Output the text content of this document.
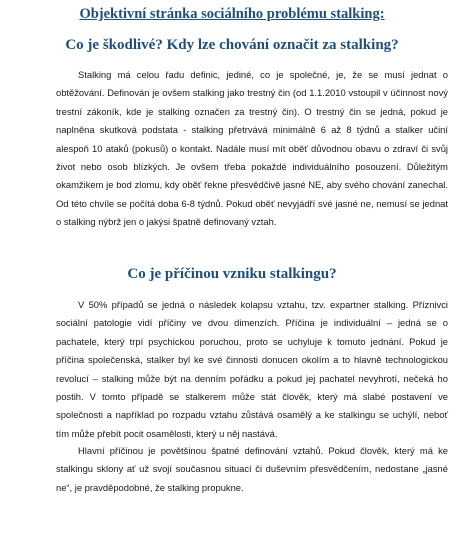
Objektivní stránka sociálního problému stalking:
Co je škodlivé? Kdy lze chování označit za stalking?

Stalking má celou řadu definic, jediné, co je společné, je, že se musí jednat o obtěžování. Definován je ovšem stalking jako trestný čin (od 1.1.2010 vstoupil v účinnost nový trestní zákoník, kde je stalking označen za trestný čin). O trestný čin se jedná, pokud je naplněna skutková podstata - stalking přetrvává minimálně 6 až 8 týdnů a stalker učiní alespoň 10 ataků (pokusů) o kontakt. Nadále musí mít oběť důvodnou obavu o zdraví či svůj život nebo osob blízkých. Je ovšem třeba pokaždé individuálního posouzení. Důležitým okamžikem je bod zlomu, kdy oběť řekne přesvědčivě jasné NE, aby svého chování zanechal. Od této chvíle se počítá doba 6-8 týdnů. Pokud oběť nevyjádří své jasné ne, nemusí se jednat o stalking nýbrž jen o jakýsi špatně definovaný vztah.

Co je příčinou vzniku stalkingu?

V 50% případů se jedná o následek kolapsu vztahu, tzv. expartner stalking. Příznivci sociální patologie vidí příčiny ve dvou dimenzích. Příčina je individuální – jedná se o pachatele, který trpí psychickou poruchou, proto se uchyluje k tomuto jednání. Pokud je příčina společenská, stalker byl ke své činnosti donucen okolím a to hlavně technologickou revolucí – stalking může být na denním pořádku a pokud jej pachatel nevyhrotí, nečeká ho postih. V tomto případě se stalkerem může stát člověk, který má slabé postavení ve společnosti a například po rozpadu vztahu zůstává osamělý a ke stalkingu se uchýlí, neboť tím může přebít pocit osamělosti, který u něj nastává.

Hlavní příčinou je povětšinou špatné definování vztahů. Pokud člověk, který má ke stalkingu sklony ať už svojí současnou situací či duševním přesvědčením, nedostane „jasné ne“, je pravděpodobné, že stalking propukne.
